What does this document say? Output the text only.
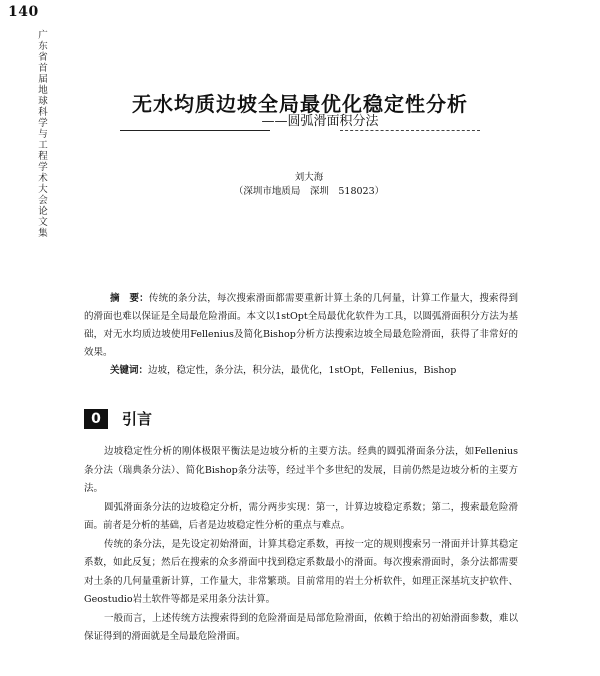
140
广东省首届地球科学与工程学术大会论文集
无水均质边坡全局最优化稳定性分析
——圆弧滑面积分法
刘大海
（深圳市地质局　深圳　518023）
摘　要：传统的条分法，每次搜索滑面都需要重新计算土条的几何量，计算工作量大，搜索得到的滑面也难以保证是全局最危险滑面。本文以1stOpt全局最优化软件为工具，以圆弧滑面积分方法为基础，对无水均质边坡使用Fellenius及简化Bishop分析方法搜索边坡全局最危险滑面，获得了非常好的效果。
关键词：边坡，稳定性，条分法，积分法，最优化，1stOpt，Fellenius，Bishop
0	引言

边坡稳定性分析的刚体极限平衡法是边坡分析的主要方法。经典的圆弧滑面条分法，如Fellenius条分法（瑞典条分法）、简化Bishop条分法等，经过半个多世纪的发展，目前仍然是边坡分析的主要方法。

圆弧滑面条分法的边坡稳定分析，需分两步实现：第一，计算边坡稳定系数；第二，搜索最危险滑面。前者是分析的基础，后者是边坡稳定性分析的重点与难点。

传统的条分法，是先设定初始滑面，计算其稳定系数，再按一定的规则搜索另一滑面并计算其稳定系数，如此反复；然后在搜索的众多滑面中找到稳定系数最小的滑面。每次搜索滑面时，条分法都需要对土条的几何量重新计算，工作量大，非常繁琐。目前常用的岩土分析软件，如理正深基坑支护软件、Geostudio岩土软件等都是采用条分法计算。

一般而言，上述传统方法搜索得到的危险滑面是局部危险滑面，依赖于给出的初始滑面参数，难以保证得到的滑面就是全局最危险滑面。
